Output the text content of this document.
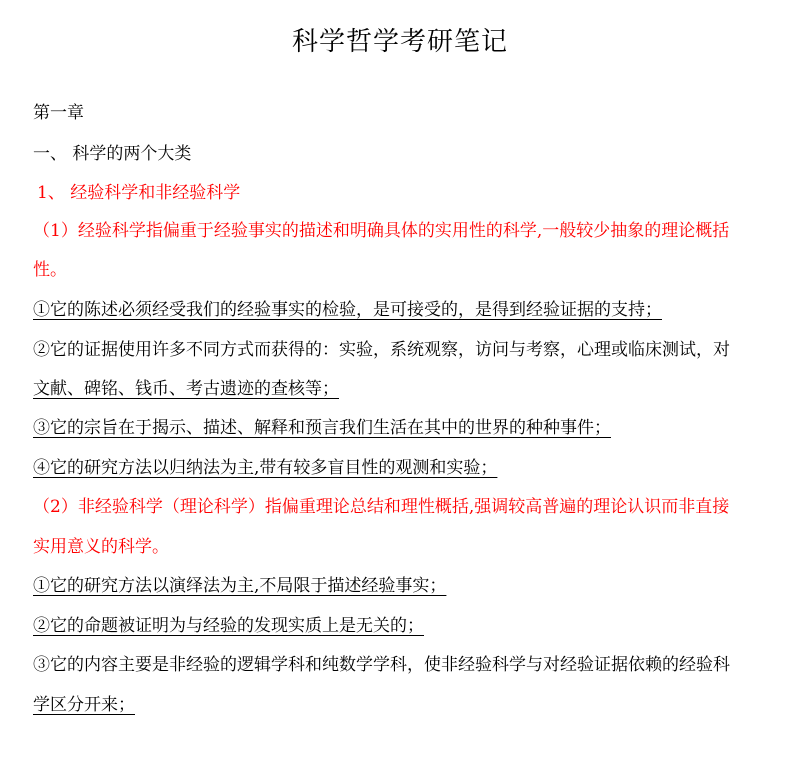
科学哲学考研笔记
第一章
一、 科学的两个大类
1、 经验科学和非经验科学
（1）经验科学指偏重于经验事实的描述和明确具体的实用性的科学,一般较少抽象的理论概括
性。
①它的陈述必须经受我们的经验事实的检验，是可接受的，是得到经验证据的支持；
②它的证据使用许多不同方式而获得的：实验，系统观察，访问与考察，心理或临床测试，对
文献、碑铭、钱币、考古遗迹的查核等；
③它的宗旨在于揭示、描述、解释和预言我们生活在其中的世界的种种事件；
④它的研究方法以归纳法为主,带有较多盲目性的观测和实验；
（2）非经验科学（理论科学）指偏重理论总结和理性概括,强调较高普遍的理论认识而非直接
实用意义的科学。
①它的研究方法以演绎法为主,不局限于描述经验事实；
②它的命题被证明为与经验的发现实质上是无关的；
③它的内容主要是非经验的逻辑学科和纯数学学科，使非经验科学与对经验证据依赖的经验科
学区分开来；
